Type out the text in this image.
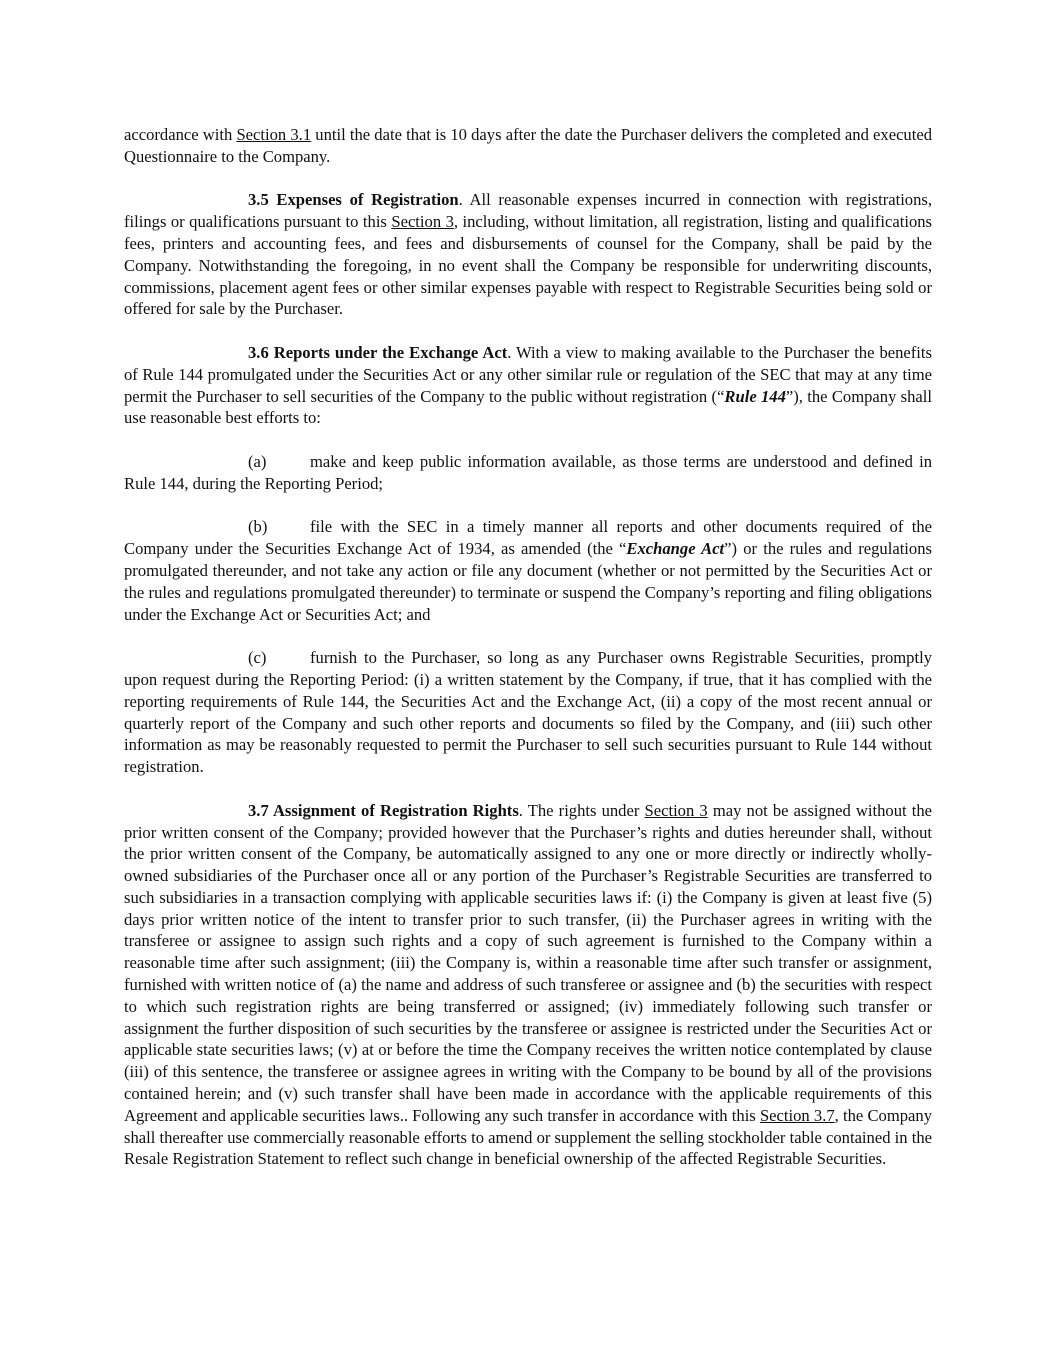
accordance with Section 3.1 until the date that is 10 days after the date the Purchaser delivers the completed and executed Questionnaire to the Company.

3.5 Expenses of Registration. All reasonable expenses incurred in connection with registrations, filings or qualifications pursuant to this Section 3, including, without limitation, all registration, listing and qualifications fees, printers and accounting fees, and fees and disbursements of counsel for the Company, shall be paid by the Company. Notwithstanding the foregoing, in no event shall the Company be responsible for underwriting discounts, commissions, placement agent fees or other similar expenses payable with respect to Registrable Securities being sold or offered for sale by the Purchaser.

3.6 Reports under the Exchange Act. With a view to making available to the Purchaser the benefits of Rule 144 promulgated under the Securities Act or any other similar rule or regulation of the SEC that may at any time permit the Purchaser to sell securities of the Company to the public without registration (“Rule 144”), the Company shall use reasonable best efforts to:

(a)	make and keep public information available, as those terms are understood and defined in Rule 144, during the Reporting Period;

(b)	file with the SEC in a timely manner all reports and other documents required of the Company under the Securities Exchange Act of 1934, as amended (the “Exchange Act”) or the rules and regulations promulgated thereunder, and not take any action or file any document (whether or not permitted by the Securities Act or the rules and regulations promulgated thereunder) to terminate or suspend the Company’s reporting and filing obligations under the Exchange Act or Securities Act; and

(c)	furnish to the Purchaser, so long as any Purchaser owns Registrable Securities, promptly upon request during the Reporting Period: (i) a written statement by the Company, if true, that it has complied with the reporting requirements of Rule 144, the Securities Act and the Exchange Act, (ii) a copy of the most recent annual or quarterly report of the Company and such other reports and documents so filed by the Company, and (iii) such other information as may be reasonably requested to permit the Purchaser to sell such securities pursuant to Rule 144 without registration.

3.7 Assignment of Registration Rights. The rights under Section 3 may not be assigned without the prior written consent of the Company; provided however that the Purchaser’s rights and duties hereunder shall, without the prior written consent of the Company, be automatically assigned to any one or more directly or indirectly wholly-owned subsidiaries of the Purchaser once all or any portion of the Purchaser’s Registrable Securities are transferred to such subsidiaries in a transaction complying with applicable securities laws if: (i) the Company is given at least five (5) days prior written notice of the intent to transfer prior to such transfer, (ii) the Purchaser agrees in writing with the transferee or assignee to assign such rights and a copy of such agreement is furnished to the Company within a reasonable time after such assignment; (iii) the Company is, within a reasonable time after such transfer or assignment, furnished with written notice of (a) the name and address of such transferee or assignee and (b) the securities with respect to which such registration rights are being transferred or assigned; (iv) immediately following such transfer or assignment the further disposition of such securities by the transferee or assignee is restricted under the Securities Act or applicable state securities laws; (v) at or before the time the Company receives the written notice contemplated by clause (iii) of this sentence, the transferee or assignee agrees in writing with the Company to be bound by all of the provisions contained herein; and (v) such transfer shall have been made in accordance with the applicable requirements of this Agreement and applicable securities laws.. Following any such transfer in accordance with this Section 3.7, the Company shall thereafter use commercially reasonable efforts to amend or supplement the selling stockholder table contained in the Resale Registration Statement to reflect such change in beneficial ownership of the affected Registrable Securities.
